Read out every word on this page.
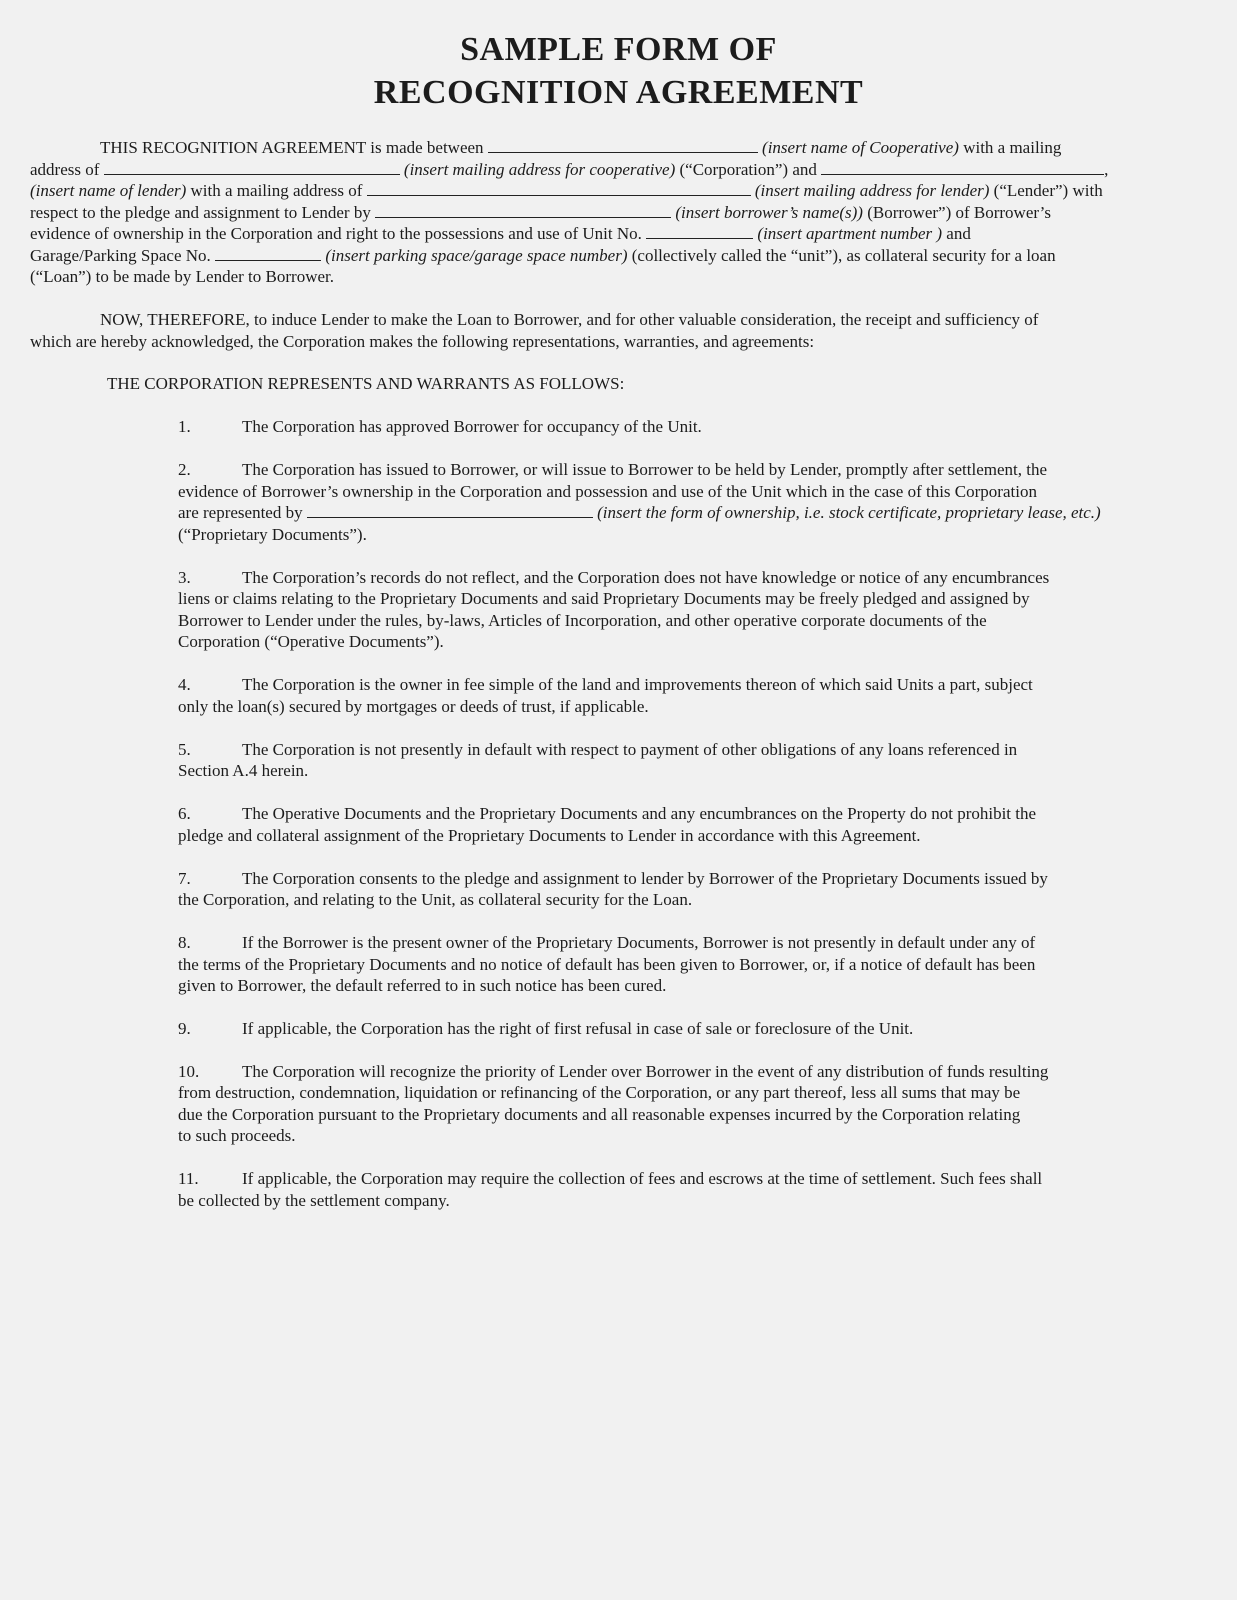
SAMPLE FORM OF
RECOGNITION AGREEMENT
THIS RECOGNITION AGREEMENT is made between	(insert name of Cooperative) with a mailing
address of	(insert mailing address for cooperative) (“Corporation”) and	,
(insert name of lender) with a mailing address of	(insert mailing address for lender) (“Lender”) with
respect to the pledge and assignment to Lender by	(insert borrower’s name(s)) (Borrower”) of Borrower’s
evidence of ownership in the Corporation and right to the possessions and use of Unit No.	(insert apartment number ) and
Garage/Parking Space No.	(insert parking space/garage space number) (collectively called the “unit”), as collateral security for a loan
(“Loan”) to be made by Lender to Borrower.
NOW, THEREFORE, to induce Lender to make the Loan to Borrower, and for other valuable consideration, the receipt and sufficiency of
which are hereby acknowledged, the Corporation makes the following representations, warranties, and agreements:
THE CORPORATION REPRESENTS AND WARRANTS AS FOLLOWS:
1.	The Corporation has approved Borrower for occupancy of the Unit.
2.	The Corporation has issued to Borrower, or will issue to Borrower to be held by Lender, promptly after settlement, the
evidence of Borrower’s ownership in the Corporation and possession and use of the Unit which in the case of this Corporation
are represented by	(insert the form of ownership, i.e. stock certificate, proprietary lease, etc.)
(“Proprietary Documents”).
3.	The Corporation’s records do not reflect, and the Corporation does not have knowledge or notice of any encumbrances
liens or claims relating to the Proprietary Documents and said Proprietary Documents may be freely pledged and assigned by
Borrower to Lender under the rules, by-laws, Articles of Incorporation, and other operative corporate documents of the
Corporation (“Operative Documents”).
4.	The Corporation is the owner in fee simple of the land and improvements thereon of which said Units a part, subject
only the loan(s) secured by mortgages or deeds of trust, if applicable.
5.	The Corporation is not presently in default with respect to payment of other obligations of any loans referenced in
Section A.4 herein.
6.	The Operative Documents and the Proprietary Documents and any encumbrances on the Property do not prohibit the
pledge and collateral assignment of the Proprietary Documents to Lender in accordance with this Agreement.
7.	The Corporation consents to the pledge and assignment to lender by Borrower of the Proprietary Documents issued by
the Corporation, and relating to the Unit, as collateral security for the Loan.
8.	If the Borrower is the present owner of the Proprietary Documents, Borrower is not presently in default under any of
the terms of the Proprietary Documents and no notice of default has been given to Borrower, or, if a notice of default has been
given to Borrower, the default referred to in such notice has been cured.
9.	If applicable, the Corporation has the right of first refusal in case of sale or foreclosure of the Unit.
10.	The Corporation will recognize the priority of Lender over Borrower in the event of any distribution of funds resulting
from destruction, condemnation, liquidation or refinancing of the Corporation, or any part thereof, less all sums that may be
due the Corporation pursuant to the Proprietary documents and all reasonable expenses incurred by the Corporation relating
to such proceeds.
11.	If applicable, the Corporation may require the collection of fees and escrows at the time of settlement. Such fees shall
be collected by the settlement company.
